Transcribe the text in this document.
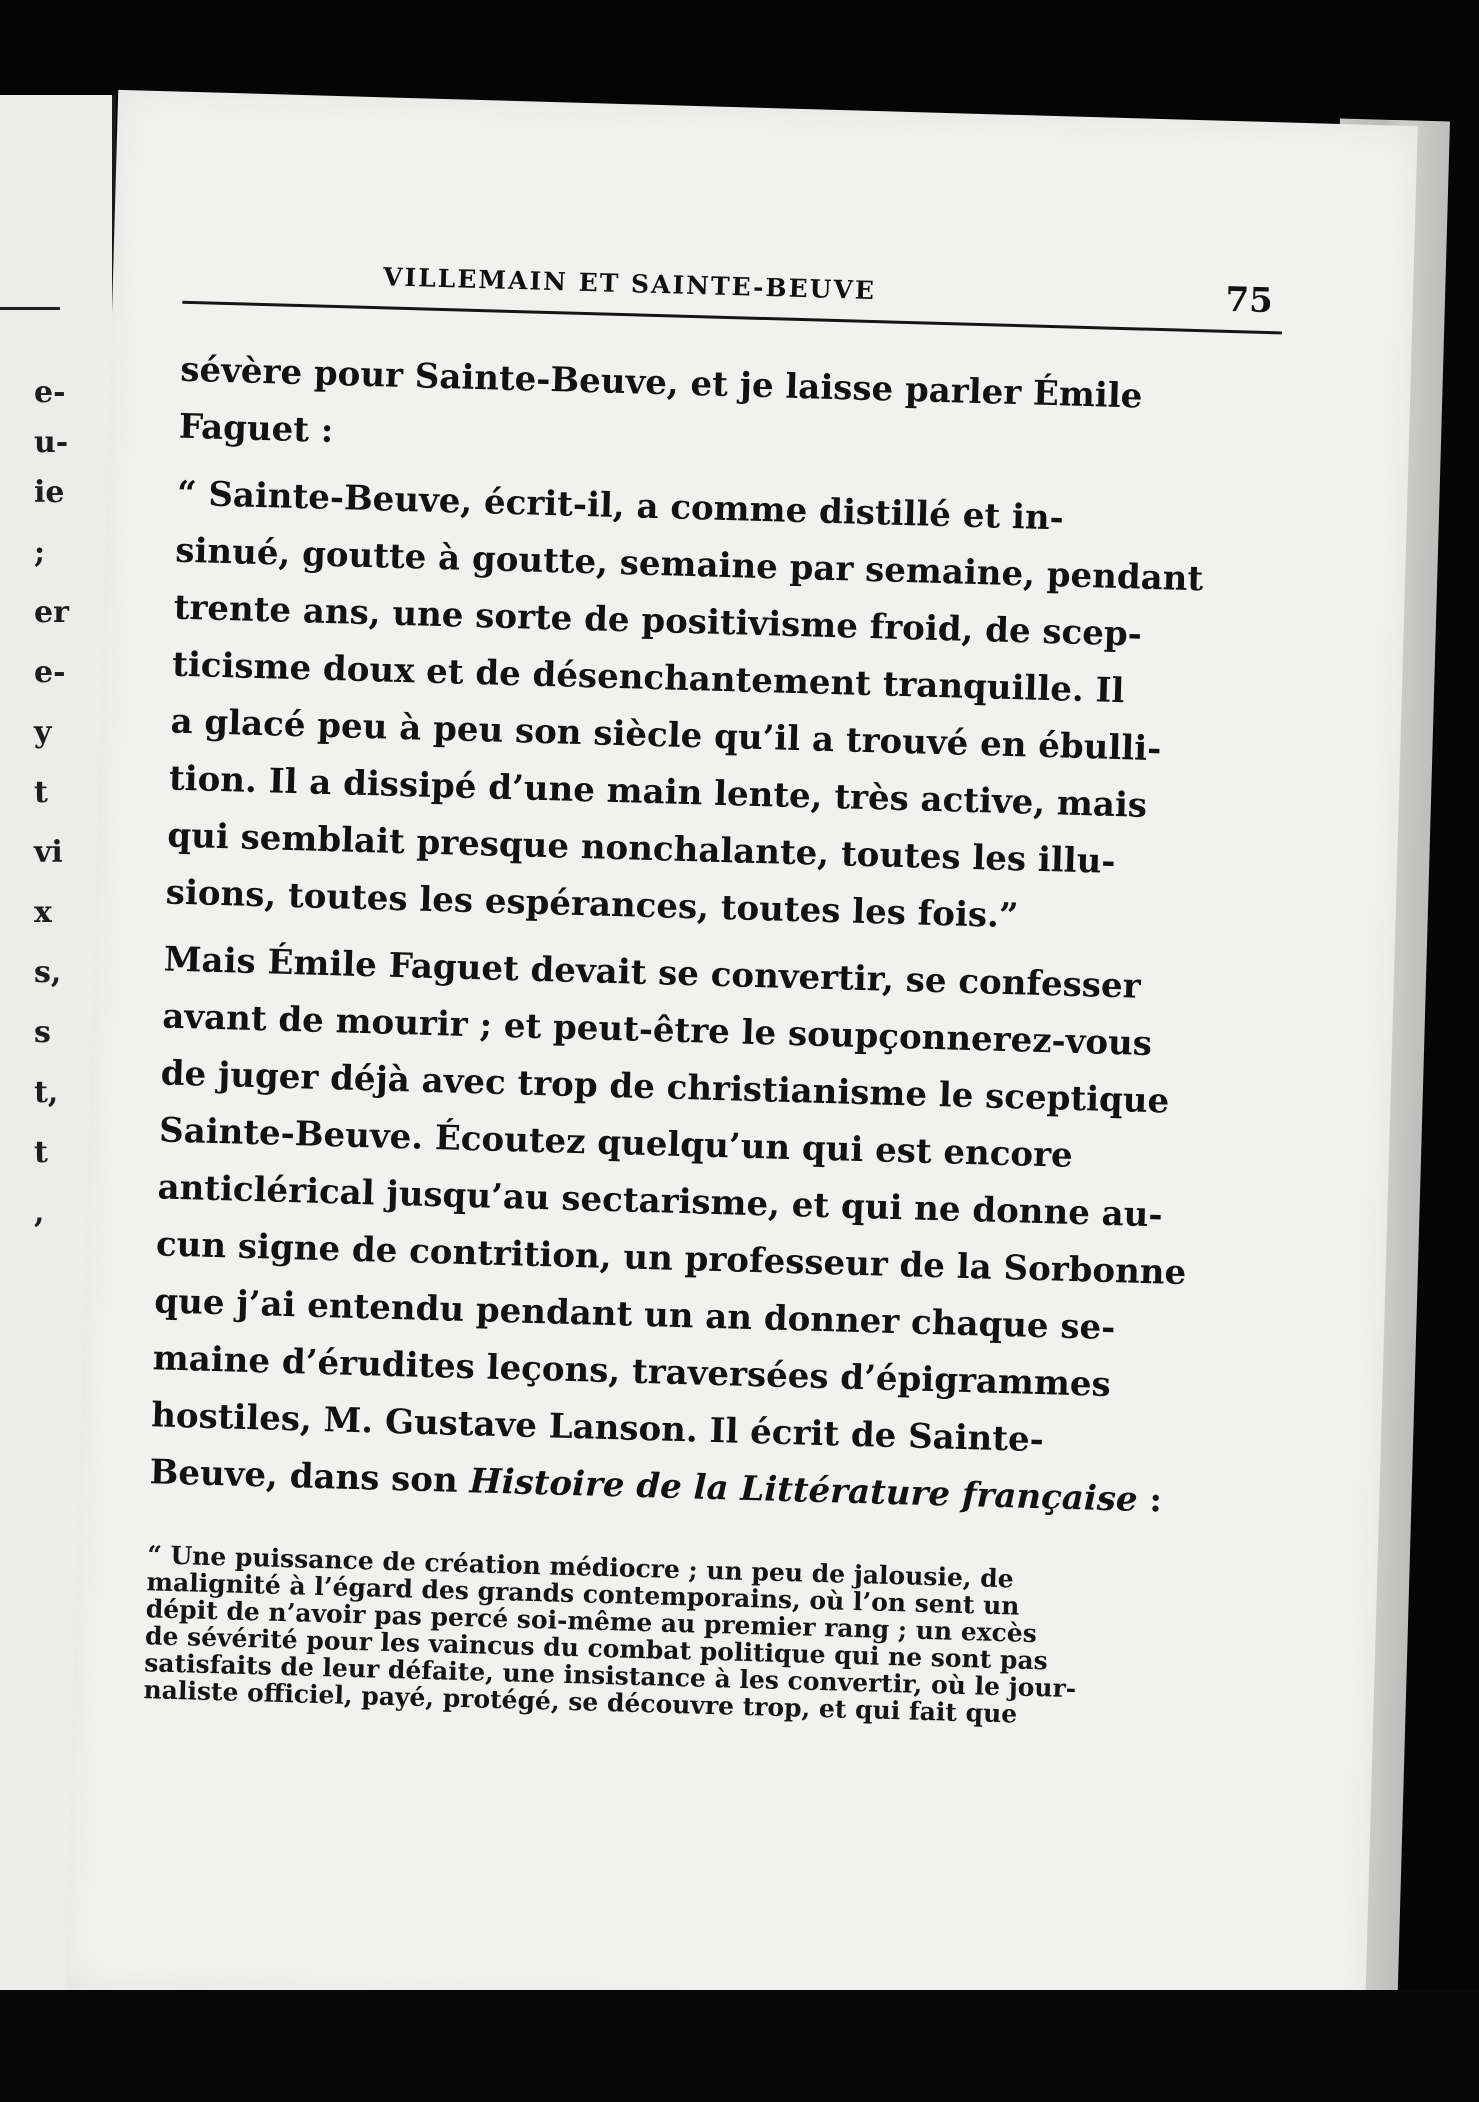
e-
u-
ie
;
er
e-
y
t
vi
x
s,
s
t,
t
,
VILLEMAIN ET SAINTE-BEUVE	75

sévère pour Sainte-Beuve, et je laisse parler Émile
Faguet :

“ Sainte-Beuve, écrit-il, a comme distillé et in-
sinué, goutte à goutte, semaine par semaine, pendant
trente ans, une sorte de positivisme froid, de scep-
ticisme doux et de désenchantement tranquille. Il
a glacé peu à peu son siècle qu’il a trouvé en ébulli-
tion. Il a dissipé d’une main lente, très active, mais
qui semblait presque nonchalante, toutes les illu-
sions, toutes les espérances, toutes les fois.”

Mais Émile Faguet devait se convertir, se confesser
avant de mourir ; et peut-être le soupçonnerez-vous
de juger déjà avec trop de christianisme le sceptique
Sainte-Beuve. Écoutez quelqu’un qui est encore
anticlérical jusqu’au sectarisme, et qui ne donne au-
cun signe de contrition, un professeur de la Sorbonne
que j’ai entendu pendant un an donner chaque se-
maine d’érudites leçons, traversées d’épigrammes
hostiles, M. Gustave Lanson. Il écrit de Sainte-
Beuve, dans son Histoire de la Littérature française :

“ Une puissance de création médiocre ; un peu de jalousie, de
malignité à l’égard des grands contemporains, où l’on sent un
dépit de n’avoir pas percé soi-même au premier rang ; un excès
de sévérité pour les vaincus du combat politique qui ne sont pas
satisfaits de leur défaite, une insistance à les convertir, où le jour-
naliste officiel, payé, protégé, se découvre trop, et qui fait que
